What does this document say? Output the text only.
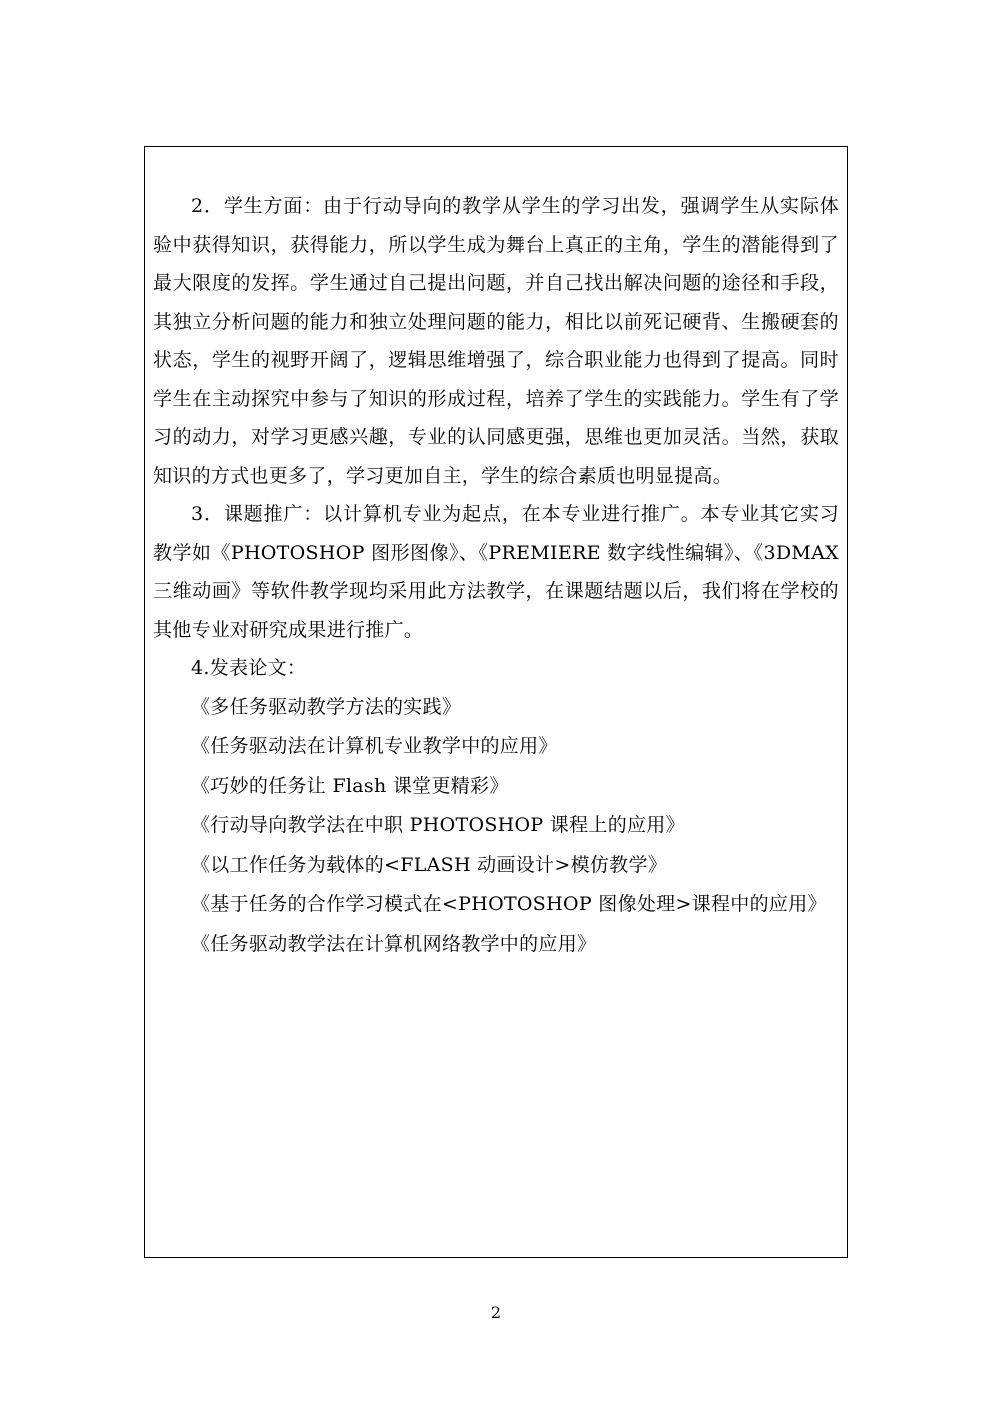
2．学生方面：由于行动导向的教学从学生的学习出发，强调学生从实际体验中获得知识，获得能力，所以学生成为舞台上真正的主角，学生的潜能得到了最大限度的发挥。学生通过自己提出问题，并自己找出解决问题的途径和手段，其独立分析问题的能力和独立处理问题的能力，相比以前死记硬背、生搬硬套的状态，学生的视野开阔了，逻辑思维增强了，综合职业能力也得到了提高。同时学生在主动探究中参与了知识的形成过程，培养了学生的实践能力。学生有了学习的动力，对学习更感兴趣，专业的认同感更强，思维也更加灵活。当然，获取知识的方式也更多了，学习更加自主，学生的综合素质也明显提高。

3．课题推广：以计算机专业为起点，在本专业进行推广。本专业其它实习教学如《PHOTOSHOP 图形图像》、《PREMIERE 数字线性编辑》、《3DMAX 三维动画》等软件教学现均采用此方法教学，在课题结题以后，我们将在学校的其他专业对研究成果进行推广。

4.发表论文：

《多任务驱动教学方法的实践》
《任务驱动法在计算机专业教学中的应用》
《巧妙的任务让 Flash 课堂更精彩》
《行动导向教学法在中职 PHOTOSHOP 课程上的应用》
《以工作任务为载体的<FLASH 动画设计>模仿教学》
《基于任务的合作学习模式在<PHOTOSHOP 图像处理>课程中的应用》
《任务驱动教学法在计算机网络教学中的应用》
2
